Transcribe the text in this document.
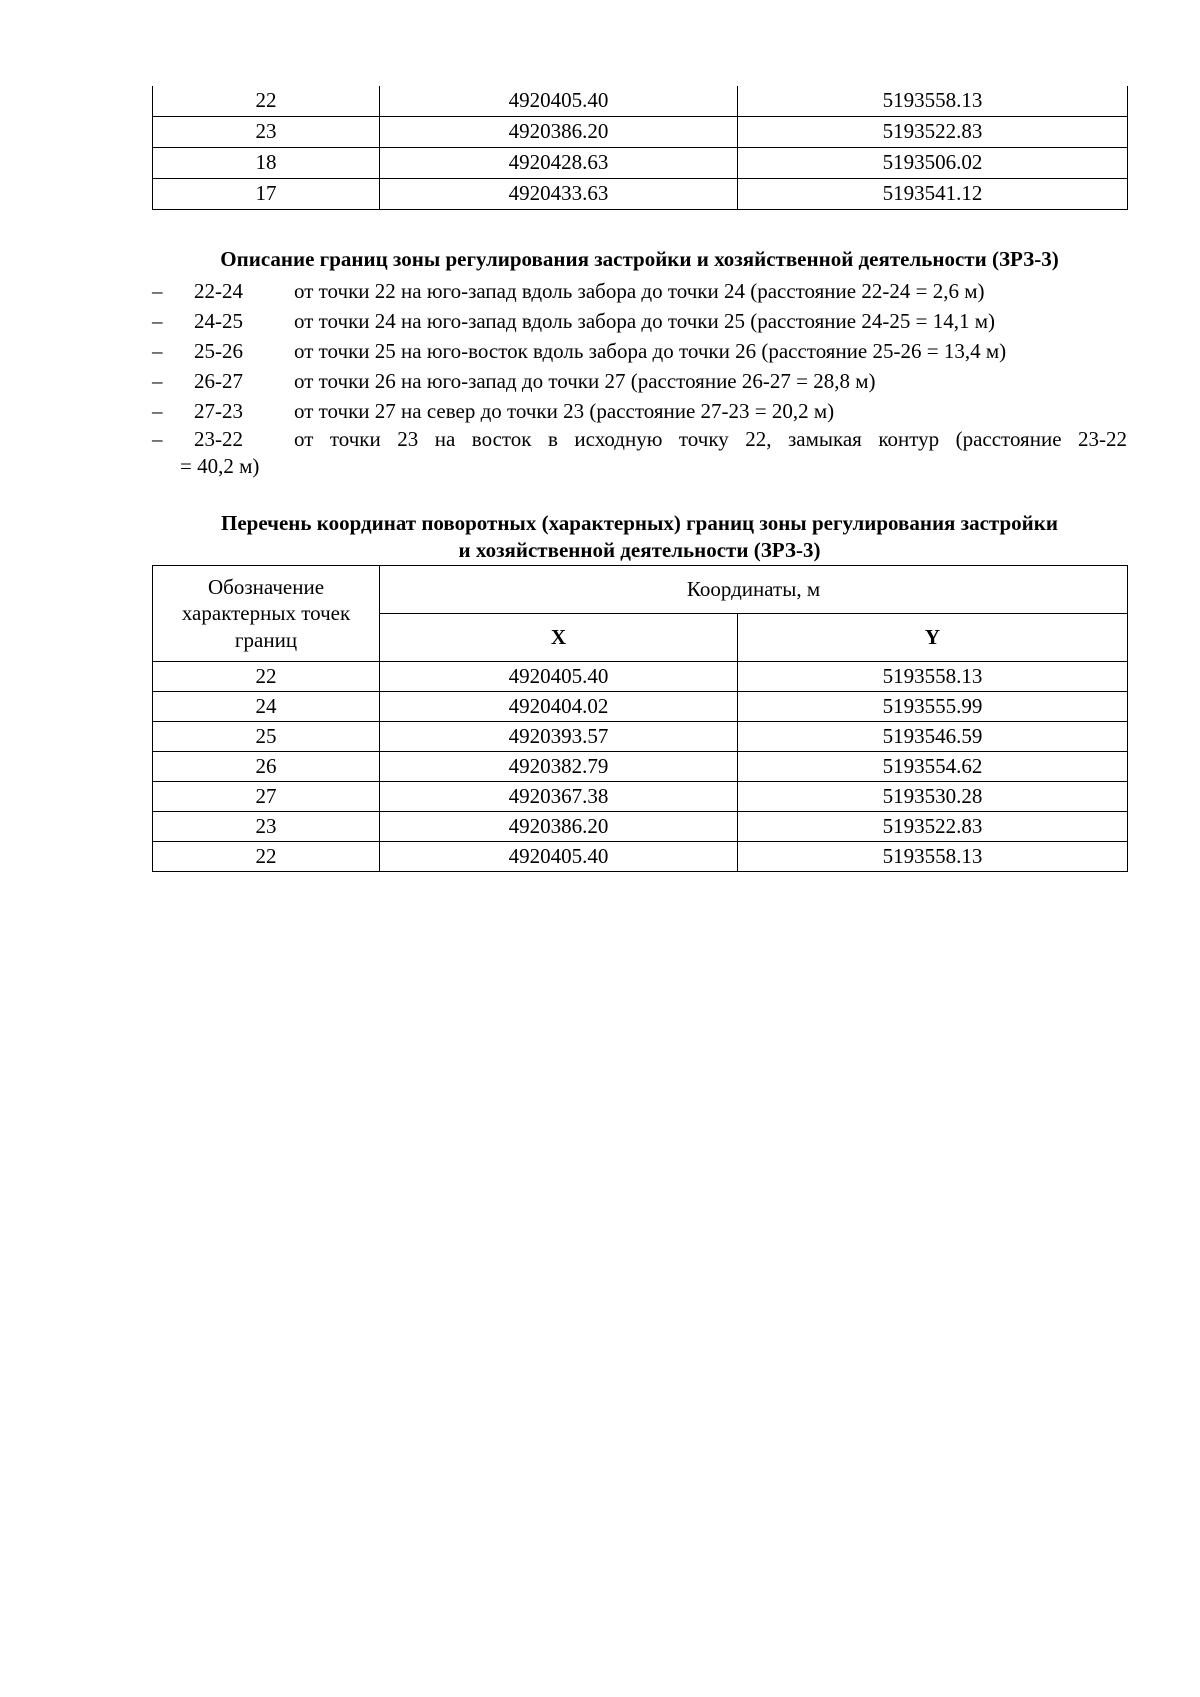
22	4920405.40	5193558.13
23	4920386.20	5193522.83
18	4920428.63	5193506.02
17	4920433.63	5193541.12
Описание границ зоны регулирования застройки и хозяйственной деятельности (ЗРЗ-3)
– 22-24 от точки 22 на юго-запад вдоль забора до точки 24 (расстояние 22-24 = 2,6 м)
– 24-25 от точки 24 на юго-запад вдоль забора до точки 25 (расстояние 24-25 = 14,1 м)
– 25-26 от точки 25 на юго-восток вдоль забора до точки 26 (расстояние 25-26 = 13,4 м)
– 26-27 от точки 26 на юго-запад до точки 27 (расстояние 26-27 = 28,8 м)
– 27-23 от точки 27 на север до точки 23 (расстояние 27-23 = 20,2 м)
– 23-22 от точки 23 на восток в исходную точку 22, замыкая контур (расстояние 23-22
= 40,2 м)
Перечень координат поворотных (характерных) границ зоны регулирования застройки
и хозяйственной деятельности (ЗРЗ-3)
Обозначение характерных точек границ	Координаты, м	
	X	Y
22	4920405.40	5193558.13
24	4920404.02	5193555.99
25	4920393.57	5193546.59
26	4920382.79	5193554.62
27	4920367.38	5193530.28
23	4920386.20	5193522.83
22	4920405.40	5193558.13
